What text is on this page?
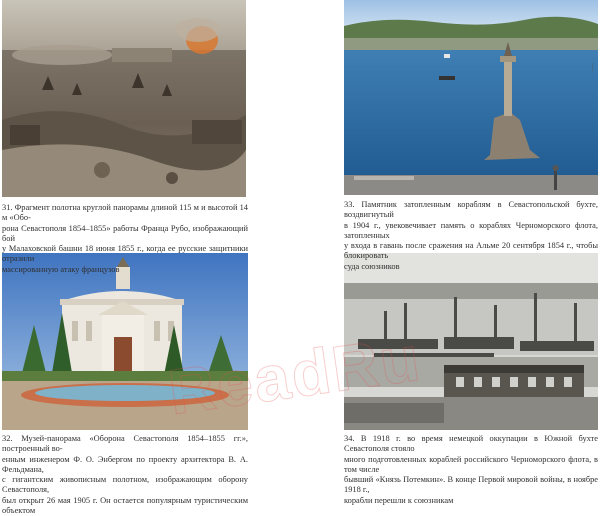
31. Фрагмент полотна круглой панорамы длиной 115 м и высотой 14 м «Обо-
рона Севастополя 1854–1855» работы Франца Рубо, изображающий бой
у Малаховской башни 18 июня 1855 г., когда ее русские защитники отразили
массированную атаку французов
33. Памятник затопленным кораблям в Севастопольской бухте, воздвигнутый
в 1904 г., увековечивает память о кораблях Черноморского флота, затопленных
у входа в гавань после сражения на Альме 20 сентября 1854 г., чтобы блокировать
суда союзников
32. Музей-панорама «Оборона Севастополя 1854–1855 гг.», построенный во-
енным инженером Ф. О. Энбергом по проекту архитектора В. А. Фельдмана,
с гигантским живописным полотном, изображающим оборону Севастополя,
был открыт 26 мая 1905 г. Он остается популярным туристическим объектом
34. В 1918 г. во время немецкой оккупации в Южной бухте Севастополя стояло
много подготовленных кораблей российского Черноморского флота, в том числе
бывший «Князь Потемкин». В конце Первой мировой войны, в ноябре 1918 г.,
корабли перешли к союзникам
|
ReadRu
